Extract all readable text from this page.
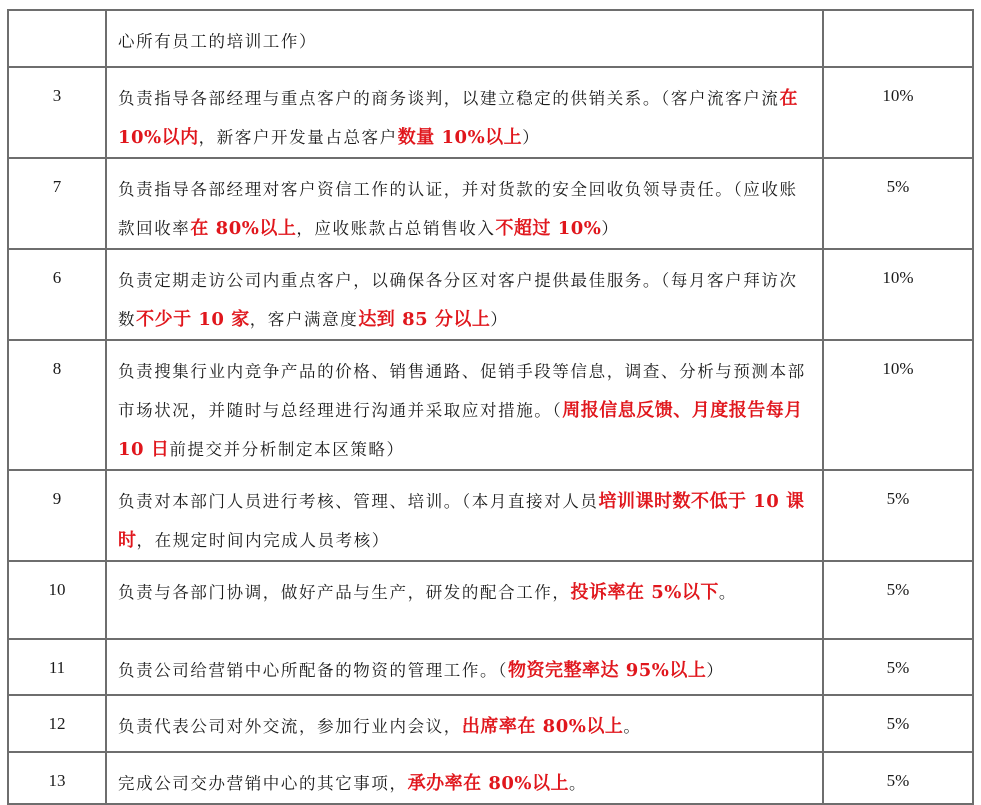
	心所有员工的培训工作）	

3	负责指导各部经理与重点客户的商务谈判，以建立稳定的供销关系。（客户流客户流在 10%以内，新客户开发量占总客户数量 10%以上）	10%

7	负责指导各部经理对客户资信工作的认证，并对货款的安全回收负领导责任。（应收账款回收率在 80%以上，应收账款占总销售收入不超过 10%）	5%

6	负责定期走访公司内重点客户，以确保各分区对客户提供最佳服务。（每月客户拜访次数不少于 10 家，客户满意度达到 85 分以上）	10%

8	负责搜集行业内竞争产品的价格、销售通路、促销手段等信息，调查、分析与预测本部市场状况，并随时与总经理进行沟通并采取应对措施。（周报信息反馈、月度报告每月 10 日前提交并分析制定本区策略）	10%

9	负责对本部门人员进行考核、管理、培训。（本月直接对人员培训课时数不低于 10 课时，在规定时间内完成人员考核）	5%

10	负责与各部门协调，做好产品与生产，研发的配合工作，投诉率在 5%以下。	5%

11	负责公司给营销中心所配备的物资的管理工作。（物资完整率达 95%以上）	5%

12	负责代表公司对外交流，参加行业内会议，出席率在 80%以上。	5%

13	完成公司交办营销中心的其它事项，承办率在 80%以上。	5%
